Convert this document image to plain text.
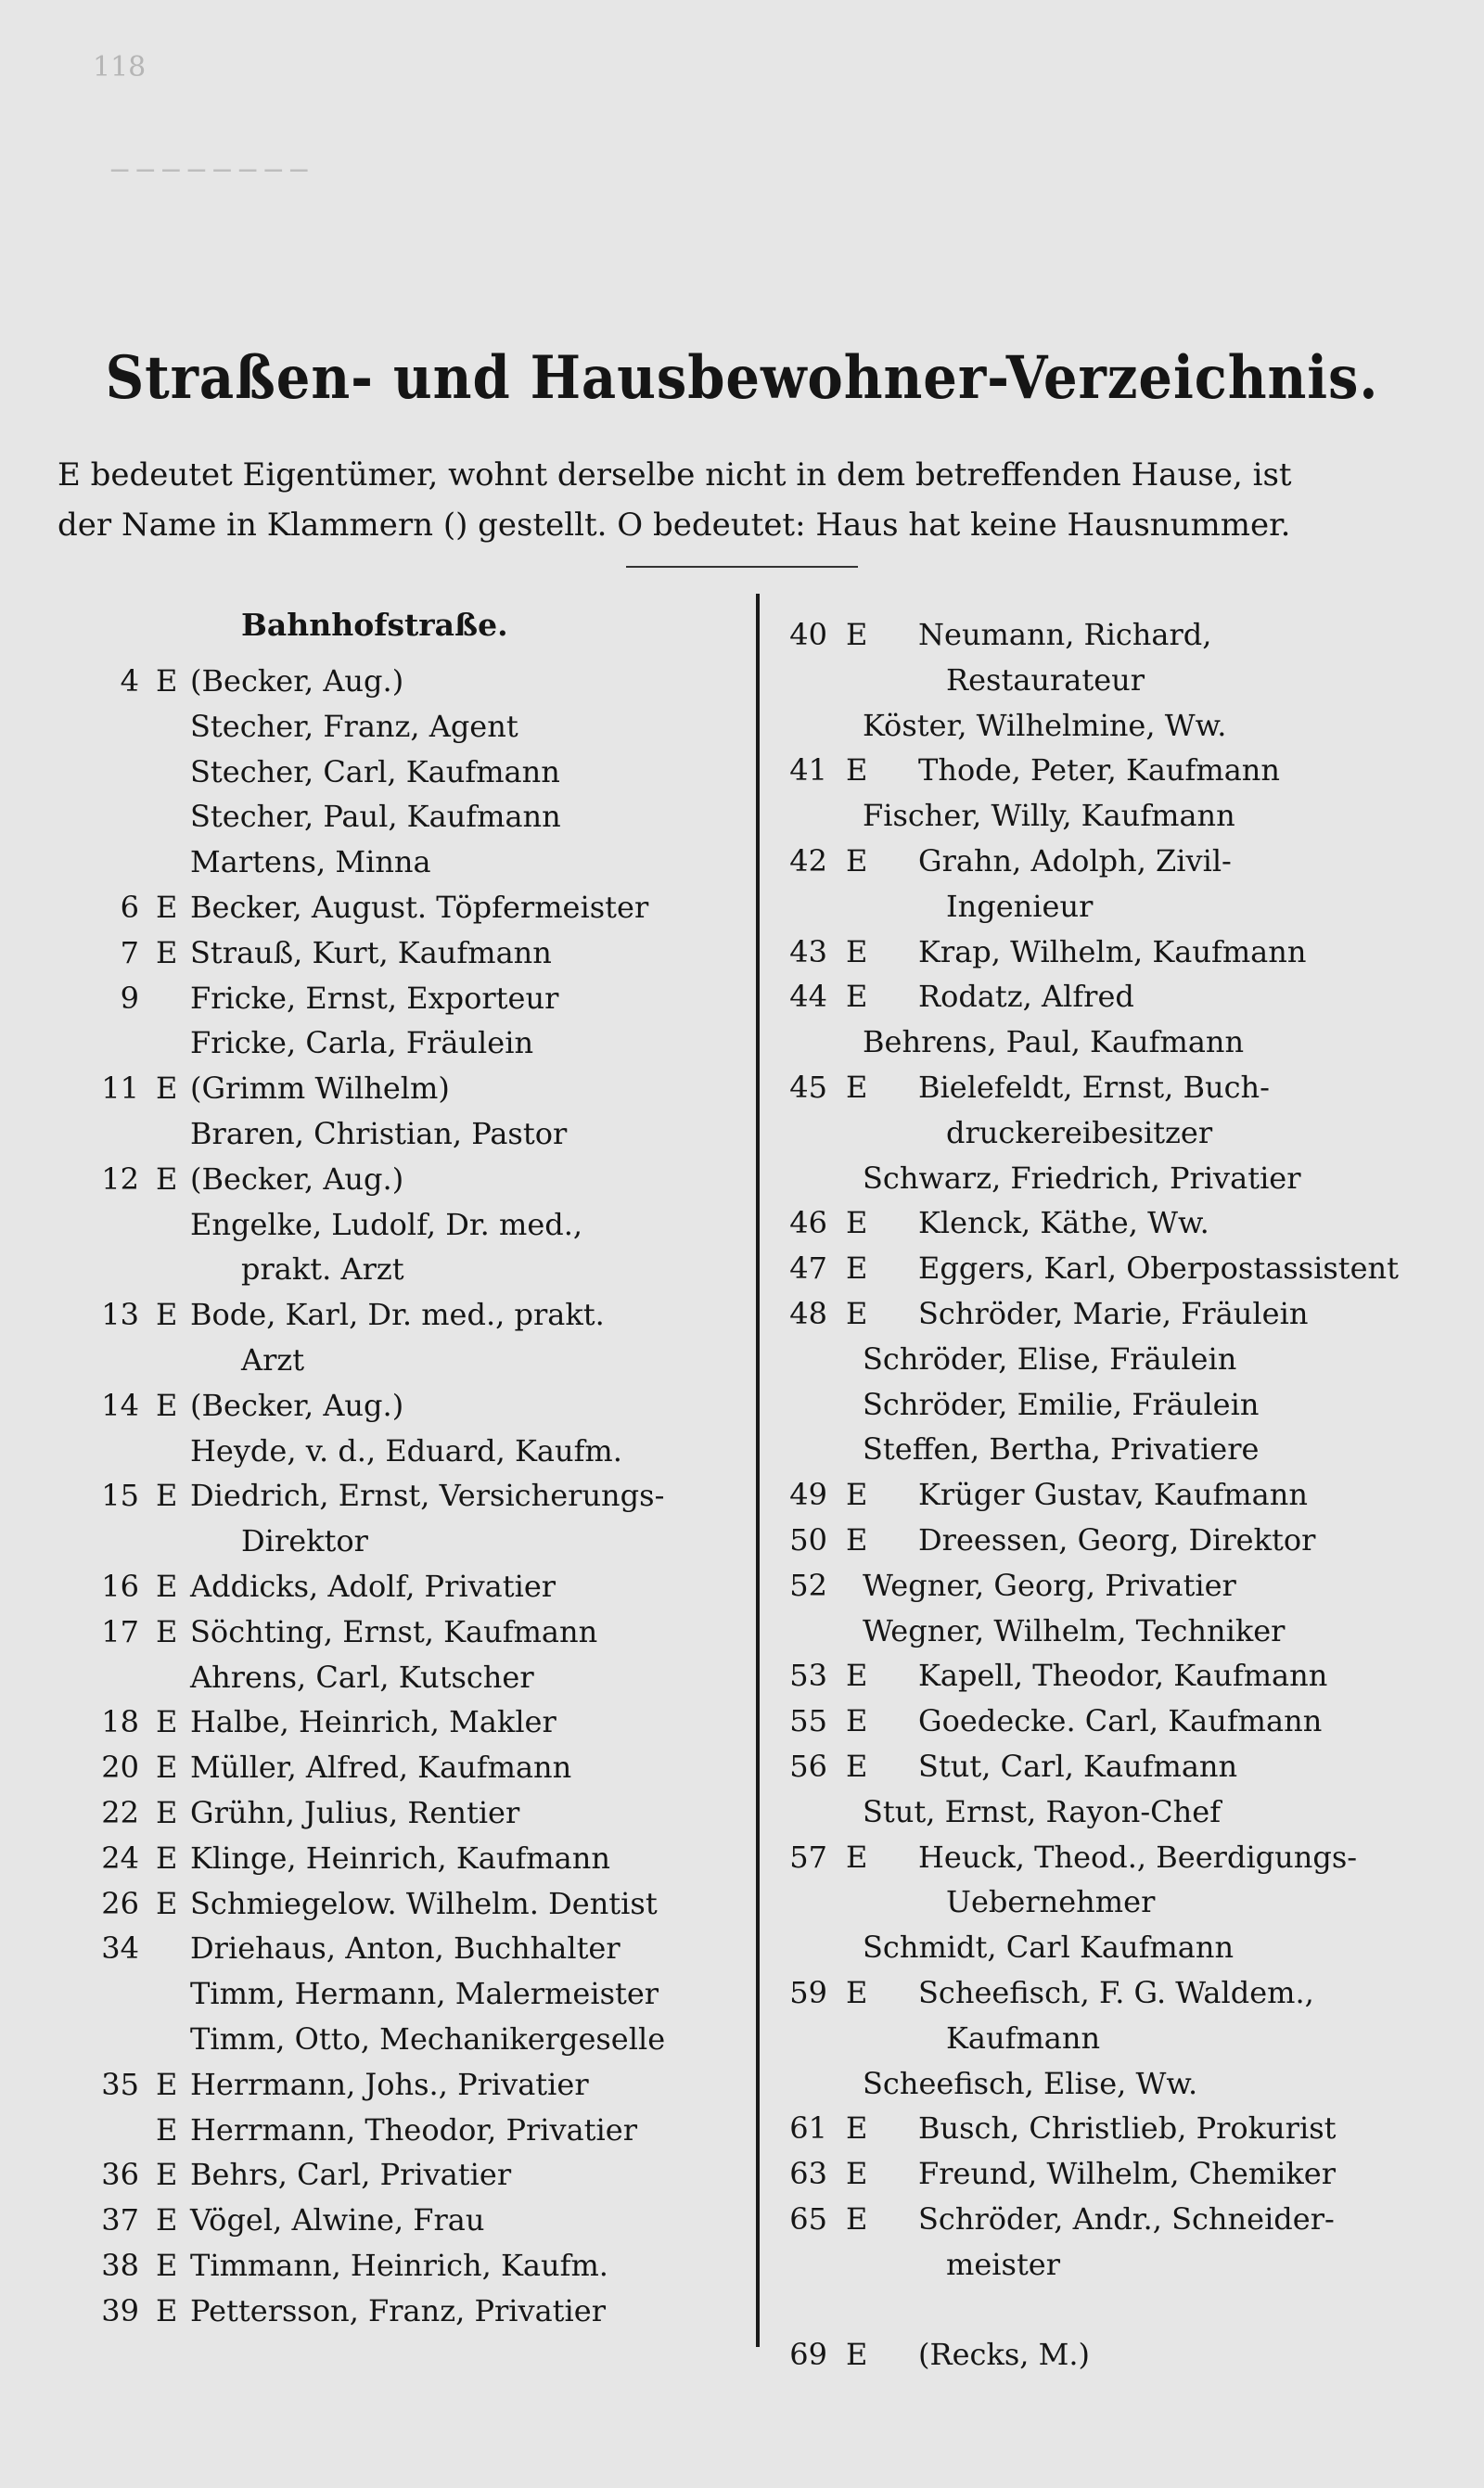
118
─ ─ ─ ─ ─ ─ ─ ─
Straßen- und Hausbewohner-Verzeichnis.

E bedeutet Eigentümer, wohnt derselbe nicht in dem betreffenden Hause, ist

der Name in Klammern () gestellt. O bedeutet: Haus hat keine Hausnummer.

Bahnhofstraße.
4 E (Becker, Aug.)
Stecher, Franz, Agent
Stecher, Carl, Kaufmann
Stecher, Paul, Kaufmann
Martens, Minna
6 E Becker, August. Töpfermeister
7 E Strauß, Kurt, Kaufmann
9 Fricke, Ernst, Exporteur
Fricke, Carla, Fräulein
11 E (Grimm Wilhelm)
Braren, Christian, Pastor
12 E (Becker, Aug.)
Engelke, Ludolf, Dr. med.,
prakt. Arzt
13 E Bode, Karl, Dr. med., prakt.
Arzt
14 E (Becker, Aug.)
Heyde, v. d., Eduard, Kaufm.
15 E Diedrich, Ernst, Versicherungs-
Direktor
16 E Addicks, Adolf, Privatier
17 E Söchting, Ernst, Kaufmann
Ahrens, Carl, Kutscher
18 E Halbe, Heinrich, Makler
20 E Müller, Alfred, Kaufmann
22 E Grühn, Julius, Rentier
24 E Klinge, Heinrich, Kaufmann
26 E Schmiegelow. Wilhelm. Dentist
34 Driehaus, Anton, Buchhalter
Timm, Hermann, Malermeister
Timm, Otto, Mechanikergeselle
35 E Herrmann, Johs., Privatier
E Herrmann, Theodor, Privatier
36 E Behrs, Carl, Privatier
37 E Vögel, Alwine, Frau
38 E Timmann, Heinrich, Kaufm.
39 E Pettersson, Franz, Privatier
40 E Neumann, Richard,
Restaurateur
Köster, Wilhelmine, Ww.
41 E Thode, Peter, Kaufmann
Fischer, Willy, Kaufmann
42 E Grahn, Adolph, Zivil-
Ingenieur
43 E Krap, Wilhelm, Kaufmann
44 E Rodatz, Alfred
Behrens, Paul, Kaufmann
45 E Bielefeldt, Ernst, Buch-
druckereibesitzer
Schwarz, Friedrich, Privatier
46 E Klenck, Käthe, Ww.
47 E Eggers, Karl, Oberpostassistent
48 E Schröder, Marie, Fräulein
Schröder, Elise, Fräulein
Schröder, Emilie, Fräulein
Steffen, Bertha, Privatiere
49 E Krüger Gustav, Kaufmann
50 E Dreessen, Georg, Direktor
52 Wegner, Georg, Privatier
Wegner, Wilhelm, Techniker
53 E Kapell, Theodor, Kaufmann
55 E Goedecke. Carl, Kaufmann
56 E Stut, Carl, Kaufmann
Stut, Ernst, Rayon-Chef
57 E Heuck, Theod., Beerdigungs-
Uebernehmer
Schmidt, Carl Kaufmann
59 E Scheefisch, F. G. Waldem.,
Kaufmann
Scheefisch, Elise, Ww.
61 E Busch, Christlieb, Prokurist
63 E Freund, Wilhelm, Chemiker
65 E Schröder, Andr., Schneider-
meister
69 E (Recks, M.)
